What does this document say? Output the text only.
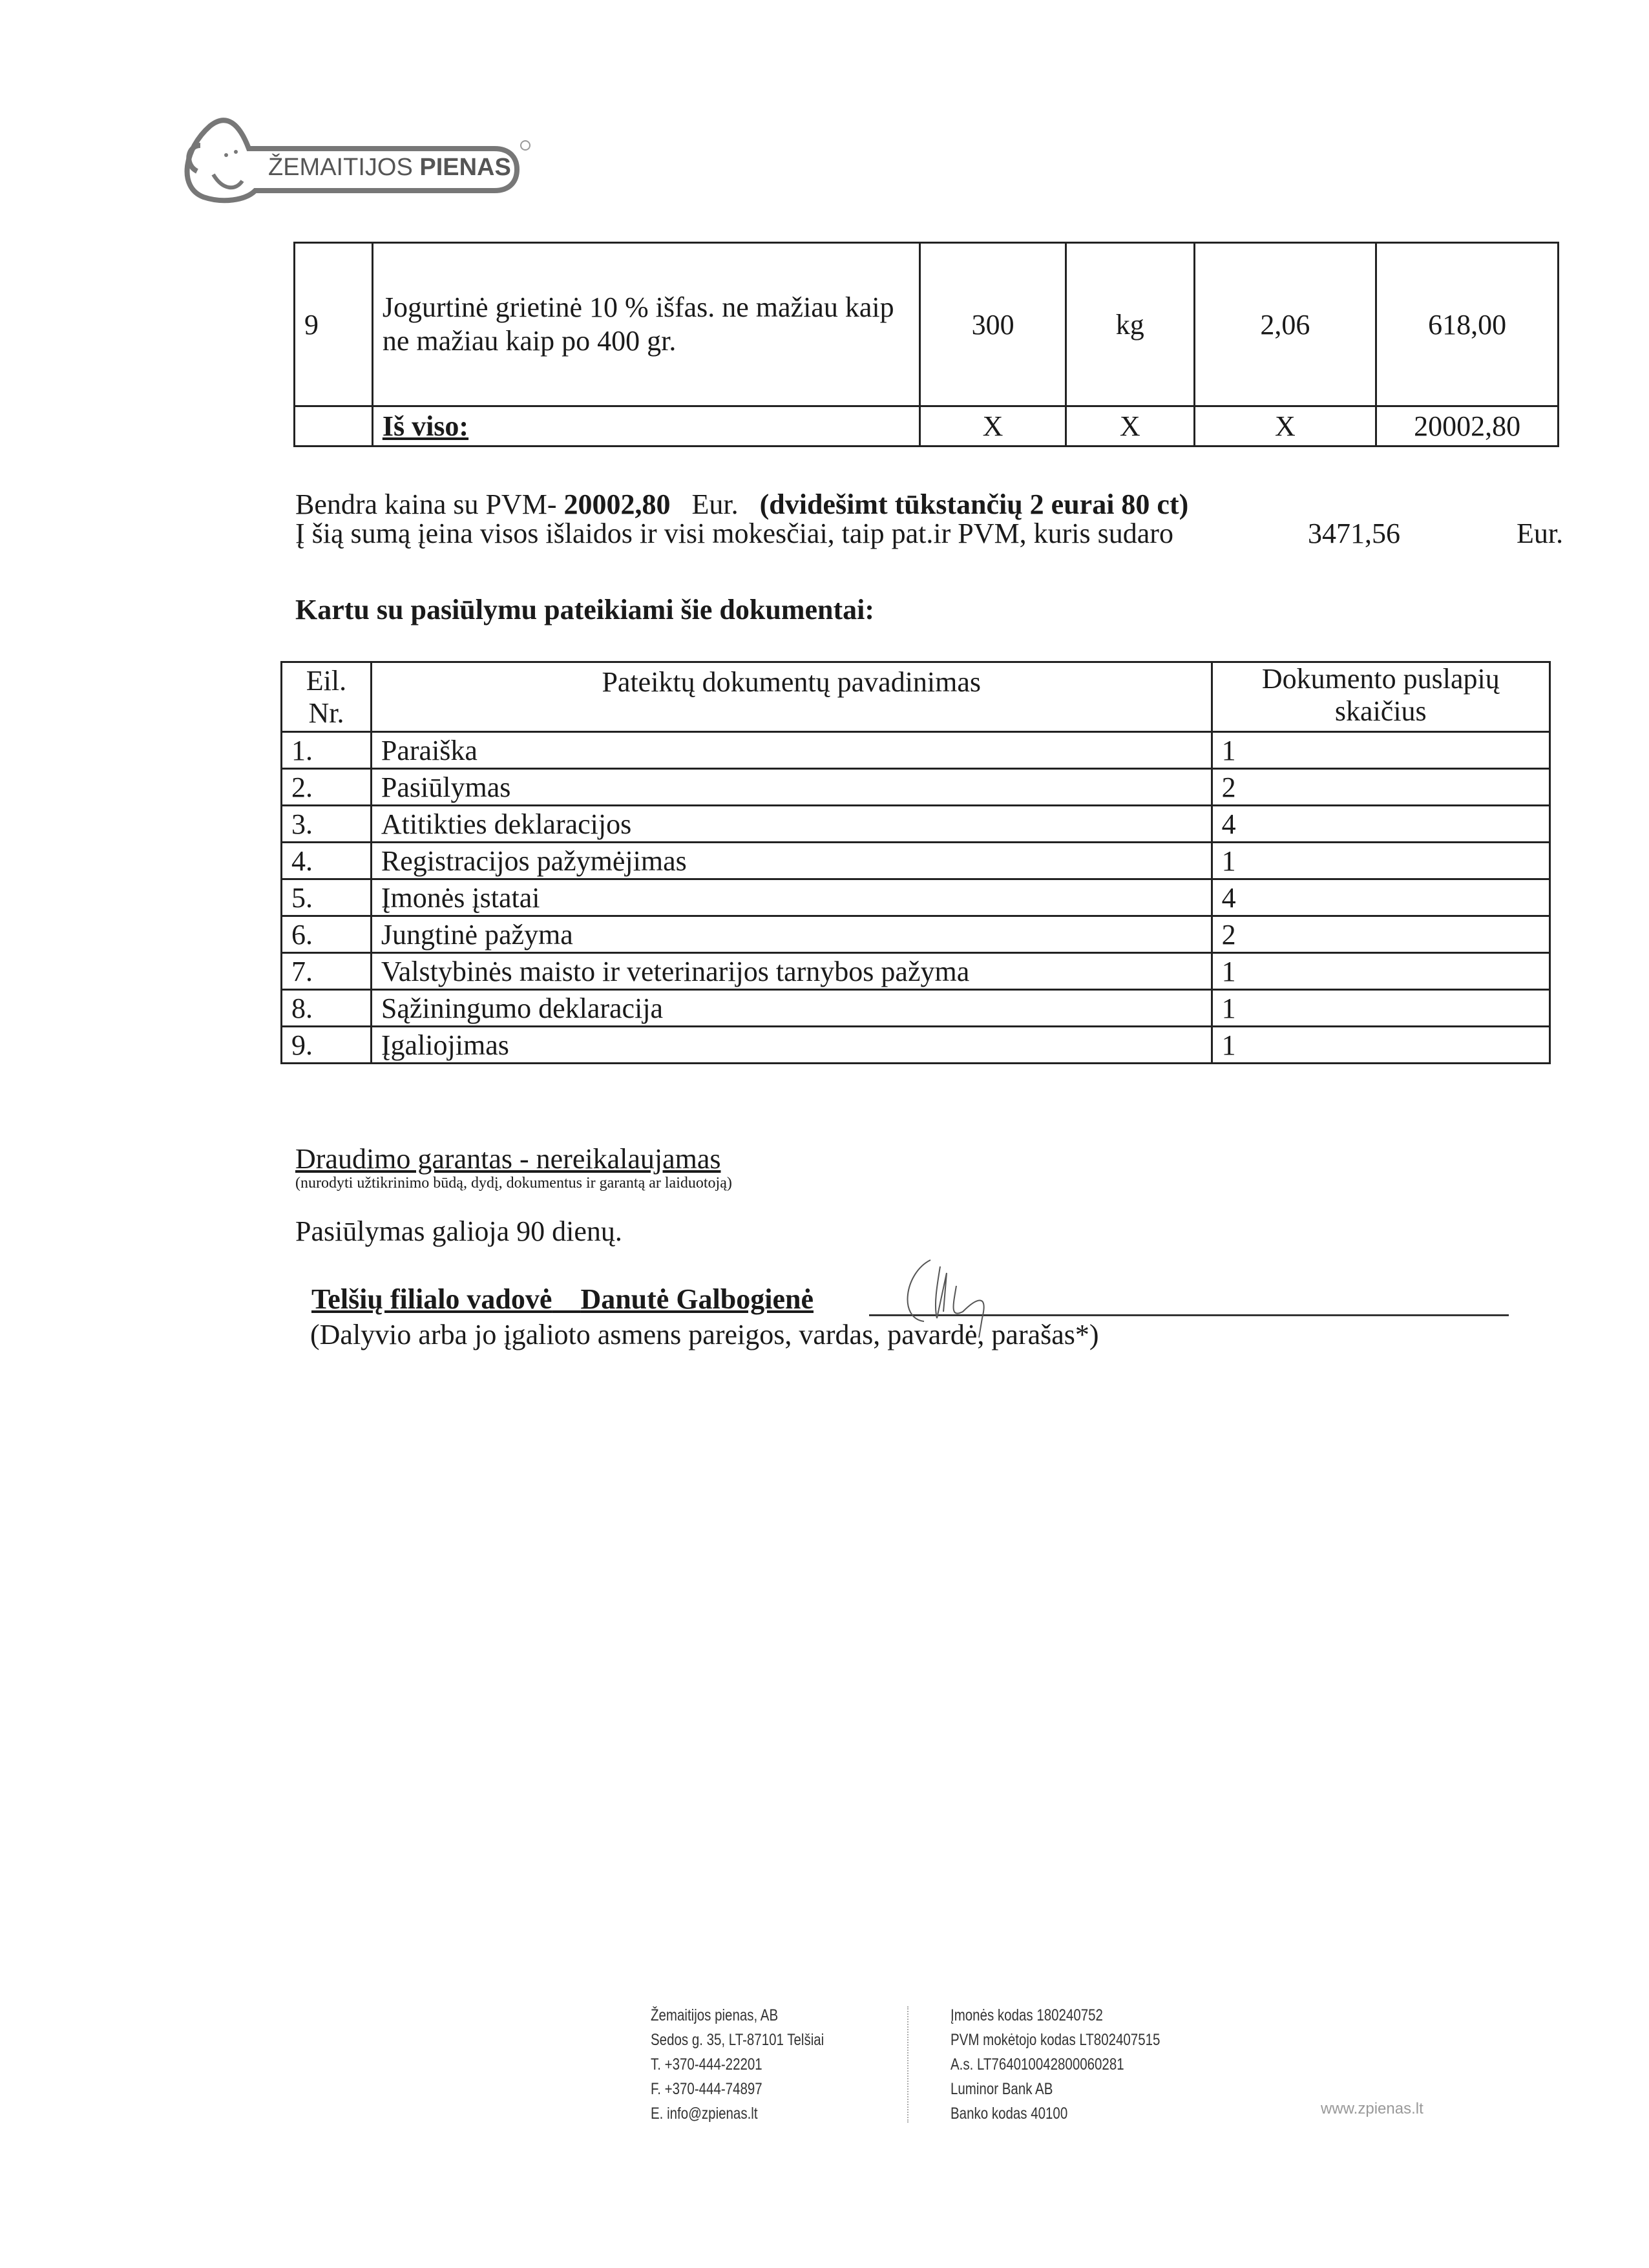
ŽEMAITIJOS PIENAS
9	Jogurtinė grietinė 10 % išfas. ne mažiau kaip ne mažiau kaip po 400 gr.	300	kg	2,06	618,00
	Iš viso:	X	X	X	20002,80
Bendra kaina su PVM- 20002,80 Eur. (dvidešimt tūkstančių 2 eurai 80 ct)
Į šią sumą įeina visos išlaidos ir visi mokesčiai, taip pat.ir PVM, kuris sudaro	3471,56	Eur.
Kartu su pasiūlymu pateikiami šie dokumentai:
Eil. Nr.	Pateiktų dokumentų pavadinimas	Dokumento puslapių skaičius
1.	Paraiška	1
2.	Pasiūlymas	2
3.	Atitikties deklaracijos	4
4.	Registracijos pažymėjimas	1
5.	Įmonės įstatai	4
6.	Jungtinė pažyma	2
7.	Valstybinės maisto ir veterinarijos tarnybos pažyma	1
8.	Sąžiningumo deklaracija	1
9.	Įgaliojimas	1
Draudimo garantas - nereikalaujamas
(nurodyti užtikrinimo būdą, dydį, dokumentus ir garantą ar laiduotoją)
Pasiūlymas galioja 90 dienų.
Telšių filialo vadovė Danutė Galbogienė
(Dalyvio arba jo įgalioto asmens pareigos, vardas, pavardė, parašas*)
Žemaitijos pienas, AB
Sedos g. 35, LT-87101 Telšiai
T. +370-444-22201
F. +370-444-74897
E. info@zpienas.lt
Įmonės kodas 180240752
PVM mokėtojo kodas LT802407515
A.s. LT764010042800060281
Luminor Bank AB
Banko kodas 40100	www.zpienas.lt
